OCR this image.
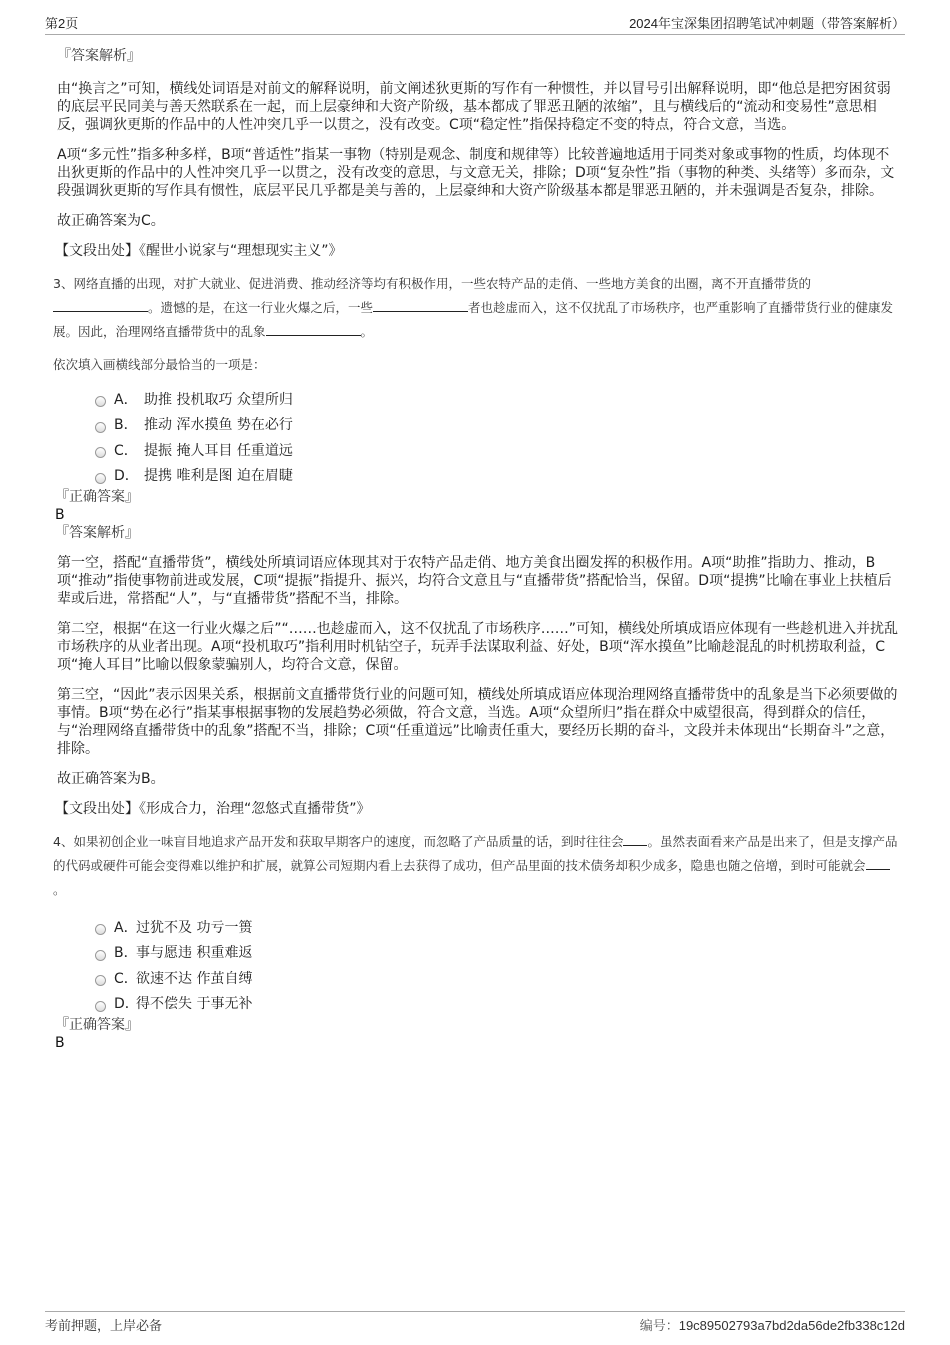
第2页	2024年宝深集团招聘笔试冲刺题（带答案解析）

『答案解析』

由“换言之”可知，横线处词语是对前文的解释说明，前文阐述狄更斯的写作有一种惯性，并以冒号引出解释说明，即“他总是把穷困贫弱的底层平民同美与善天然联系在一起，而上层豪绅和大资产阶级，基本都成了罪恶丑陋的浓缩”，且与横线后的“流动和变易性”意思相反，强调狄更斯的作品中的人性冲突几乎一以贯之，没有改变。C项“稳定性”指保持稳定不变的特点，符合文意，当选。

A项“多元性”指多种多样，B项“普适性”指某一事物（特别是观念、制度和规律等）比较普遍地适用于同类对象或事物的性质，均体现不出狄更斯的作品中的人性冲突几乎一以贯之，没有改变的意思，与文意无关，排除；D项“复杂性”指（事物的种类、头绪等）多而杂，文段强调狄更斯的写作具有惯性，底层平民几乎都是美与善的，上层豪绅和大资产阶级基本都是罪恶丑陋的，并未强调是否复杂，排除。

故正确答案为C。

【文段出处】《醒世小说家与“理想现实主义”》

3、网络直播的出现，对扩大就业、促进消费、推动经济等均有积极作用，一些农特产品的走俏、一些地方美食的出圈，离不开直播带货的。遗憾的是，在这一行业火爆之后，一些	者也趁虚而入，这不仅扰乱了市场秩序，也严重影响了直播带货行业的健康发展。因此，治理网络直播带货中的乱象	。

依次填入画横线部分最恰当的一项是：

A． 助推 投机取巧 众望所归
B． 推动 浑水摸鱼 势在必行
C． 提振 掩人耳目 任重道远
D． 提携 唯利是图 迫在眉睫

『正确答案』

B

『答案解析』

第一空，搭配“直播带货”，横线处所填词语应体现其对于农特产品走俏、地方美食出圈发挥的积极作用。A项“助推”指助力、推动，B项“推动”指使事物前进或发展，C项“提振”指提升、振兴，均符合文意且与“直播带货”搭配恰当，保留。D项“提携”比喻在事业上扶植后辈或后进，常搭配“人”，与“直播带货”搭配不当，排除。

第二空，根据“在这一行业火爆之后”“……也趁虚而入，这不仅扰乱了市场秩序……”可知，横线处所填成语应体现有一些趁机进入并扰乱市场秩序的从业者出现。A项“投机取巧”指利用时机钻空子，玩弄手法谋取利益、好处，B项“浑水摸鱼”比喻趁混乱的时机捞取利益，C项“掩人耳目”比喻以假象蒙骗别人，均符合文意，保留。

第三空，“因此”表示因果关系，根据前文直播带货行业的问题可知，横线处所填成语应体现治理网络直播带货中的乱象是当下必须要做的事情。B项“势在必行”指某事根据事物的发展趋势必须做，符合文意，当选。A项“众望所归”指在群众中威望很高，得到群众的信任，与“治理网络直播带货中的乱象”搭配不当，排除；C项“任重道远”比喻责任重大，要经历长期的奋斗，文段并未体现出“长期奋斗”之意，排除。

故正确答案为B。

【文段出处】《形成合力，治理“忽悠式直播带货”》

4、如果初创企业一味盲目地追求产品开发和获取早期客户的速度，而忽略了产品质量的话，到时往往会 。虽然表面看来产品是出来了，但是支撑产品的代码或硬件可能会变得难以维护和扩展，就算公司短期内看上去获得了成功，但产品里面的技术债务却积少成多，隐患也随之倍增，到时可能就会。

A．
过犹不及 功亏一篑
B．
事与愿违 积重难返
C．
欲速不达 作茧自缚
D．
得不偿失 于事无补

『正确答案』

B

考前押题，上岸必备	编号：19c89502793a7bd2da56de2fb338c12d
